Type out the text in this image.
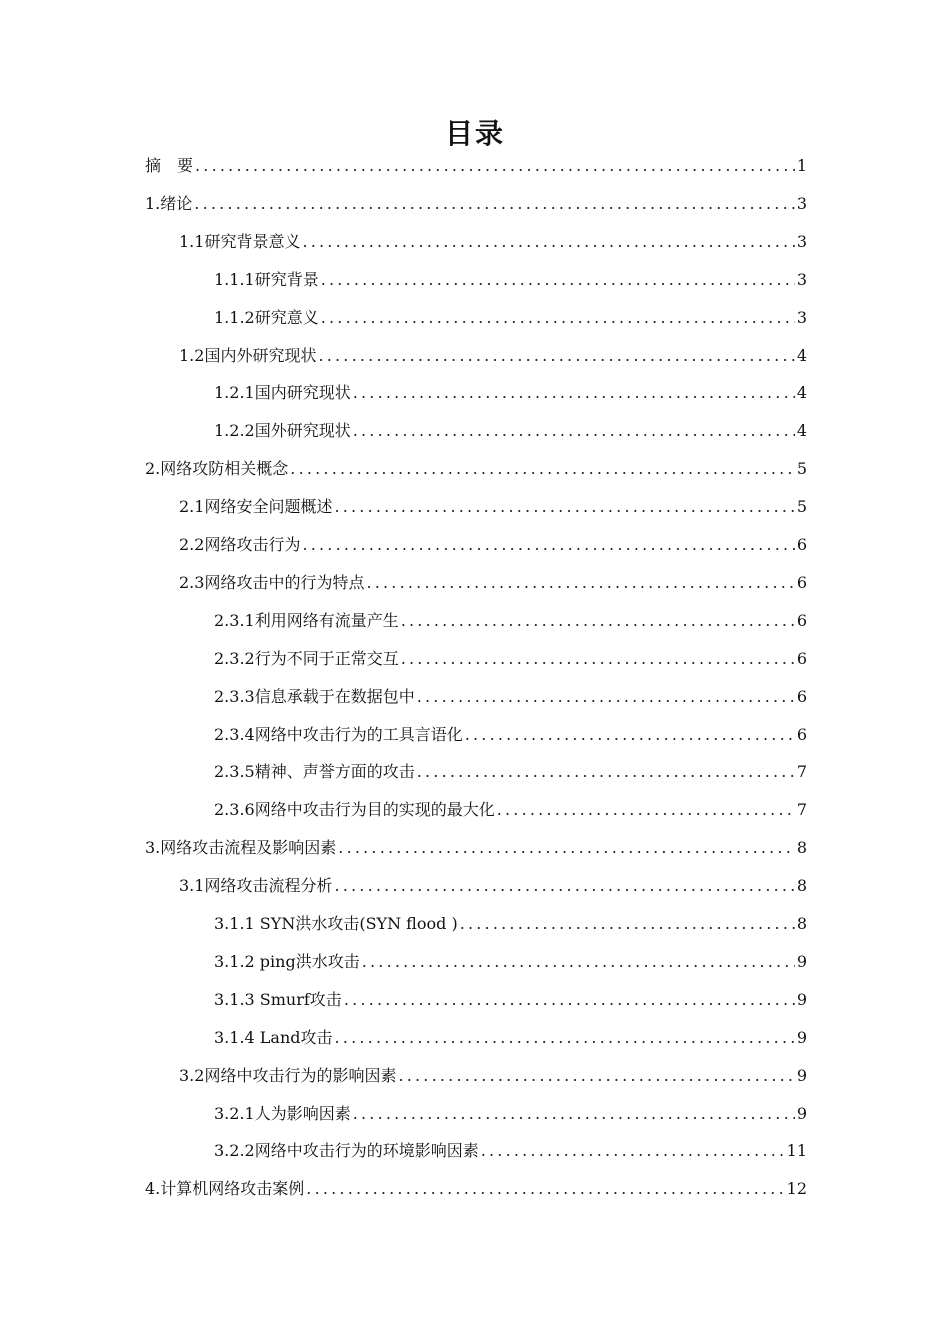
目录
摘　要 .....	1
1.绪论 .....	3
1.1研究背景意义 .....	3
1.1.1研究背景 .....	3
1.1.2研究意义 .....	3
1.2国内外研究现状 .....	4
1.2.1国内研究现状 .....	4
1.2.2国外研究现状 .....	4
2.网络攻防相关概念 .....	5
2.1网络安全问题概述 .....	5
2.2网络攻击行为 .....	6
2.3网络攻击中的行为特点 .....	6
2.3.1利用网络有流量产生 .....	6
2.3.2行为不同于正常交互 .....	6
2.3.3信息承载于在数据包中 .....	6
2.3.4网络中攻击行为的工具言语化 .....	6
2.3.5精神、声誉方面的攻击 .....	7
2.3.6网络中攻击行为目的实现的最大化 .....	7
3.网络攻击流程及影响因素 .....	8
3.1网络攻击流程分析 .....	8
3.1.1 SYN洪水攻击(SYN flood ) .....	8
3.1.2 ping洪水攻击 .....	9
3.1.3 Smurf攻击 .....	9
3.1.4 Land攻击 .....	9
3.2网络中攻击行为的影响因素 .....	9
3.2.1人为影响因素 .....	9
3.2.2网络中攻击行为的环境影响因素 .....	11
4.计算机网络攻击案例 .....	12
